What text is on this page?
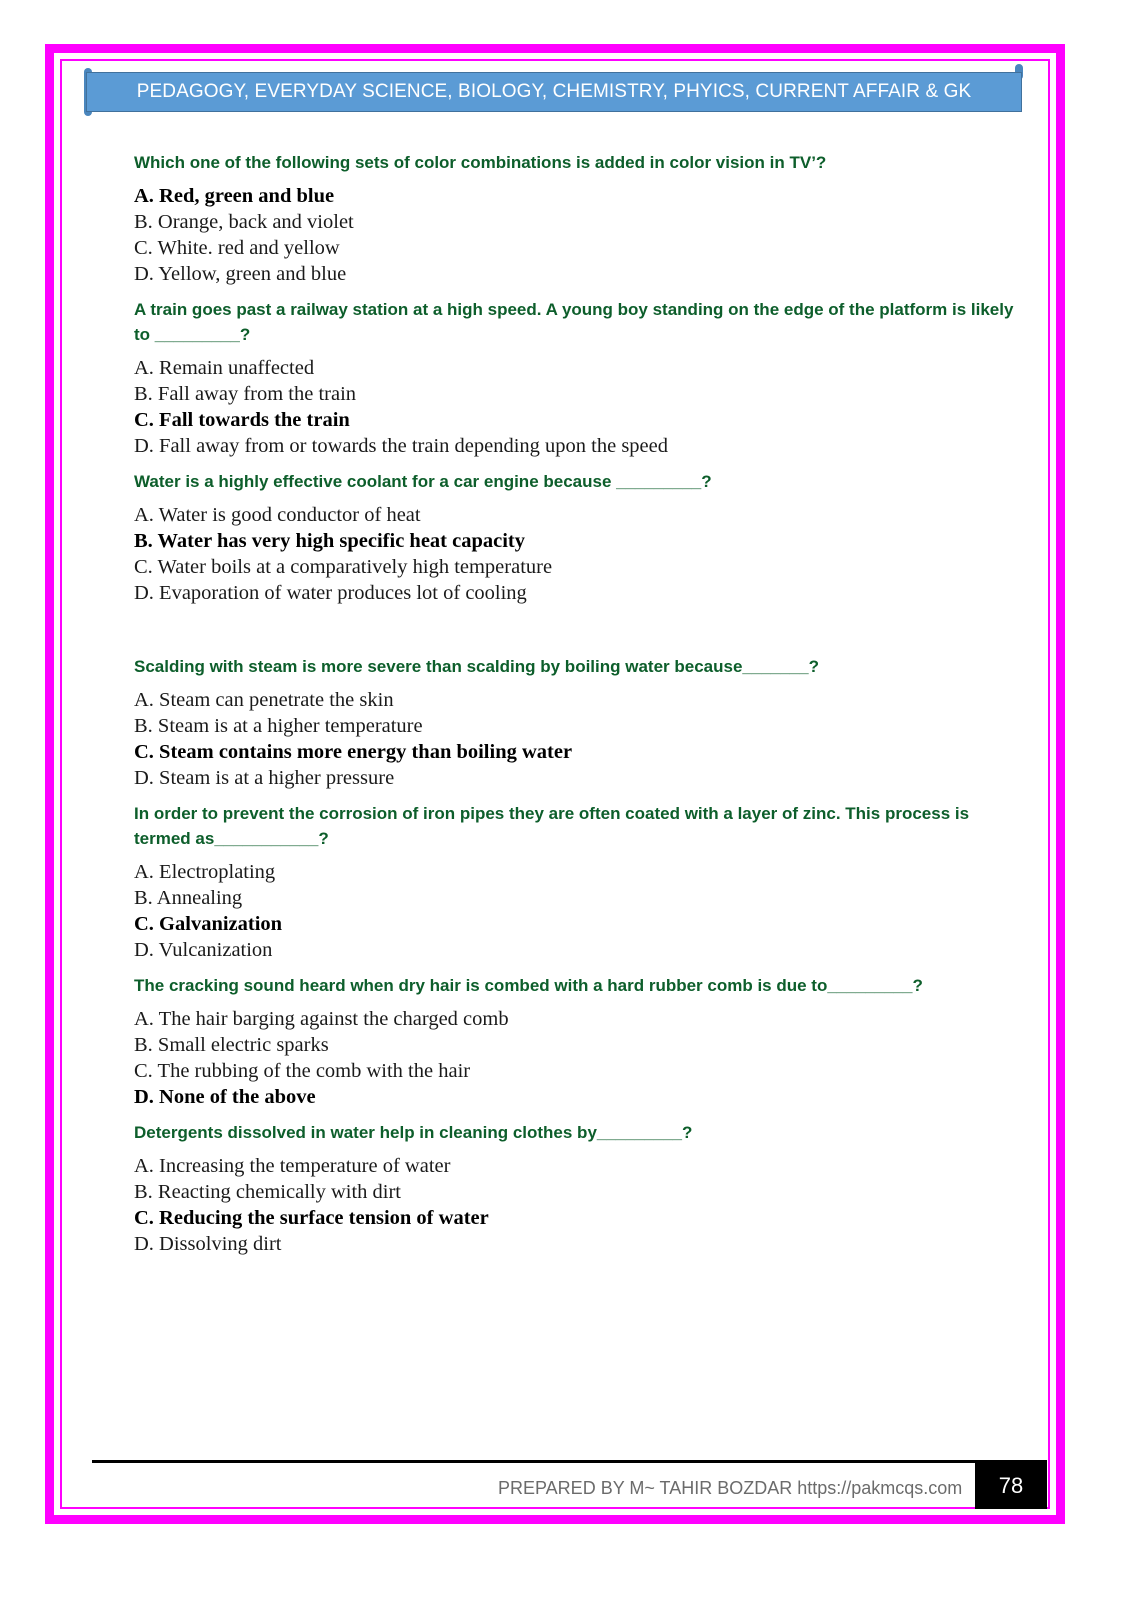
PEDAGOGY, EVERYDAY SCIENCE, BIOLOGY, CHEMISTRY, PHYICS, CURRENT AFFAIR & GK

Which one of the following sets of color combinations is added in color vision in TV’?

A. Red, green and blue

B. Orange, back and violet

C. White. red and yellow

D. Yellow, green and blue

A train goes past a railway station at a high speed. A young boy standing on the edge of the platform is likely to _________?

A. Remain unaffected

B. Fall away from the train

C. Fall towards the train

D. Fall away from or towards the train depending upon the speed

Water is a highly effective coolant for a car engine because _________?

A. Water is good conductor of heat

B. Water has very high specific heat capacity

C. Water boils at a comparatively high temperature

D. Evaporation of water produces lot of cooling

Scalding with steam is more severe than scalding by boiling water because_______?

A. Steam can penetrate the skin

B. Steam is at a higher temperature

C. Steam contains more energy than boiling water

D. Steam is at a higher pressure

In order to prevent the corrosion of iron pipes they are often coated with a layer of zinc. This process is termed as___________?

A. Electroplating

B. Annealing

C. Galvanization

D. Vulcanization

The cracking sound heard when dry hair is combed with a hard rubber comb is due to_________?

A. The hair barging against the charged comb

B. Small electric sparks

C. The rubbing of the comb with the hair

D. None of the above

Detergents dissolved in water help in cleaning clothes by_________?

A. Increasing the temperature of water

B. Reacting chemically with dirt

C. Reducing the surface tension of water

D. Dissolving dirt

PREPARED BY M~ TAHIR BOZDAR https://pakmcqs.com	78
